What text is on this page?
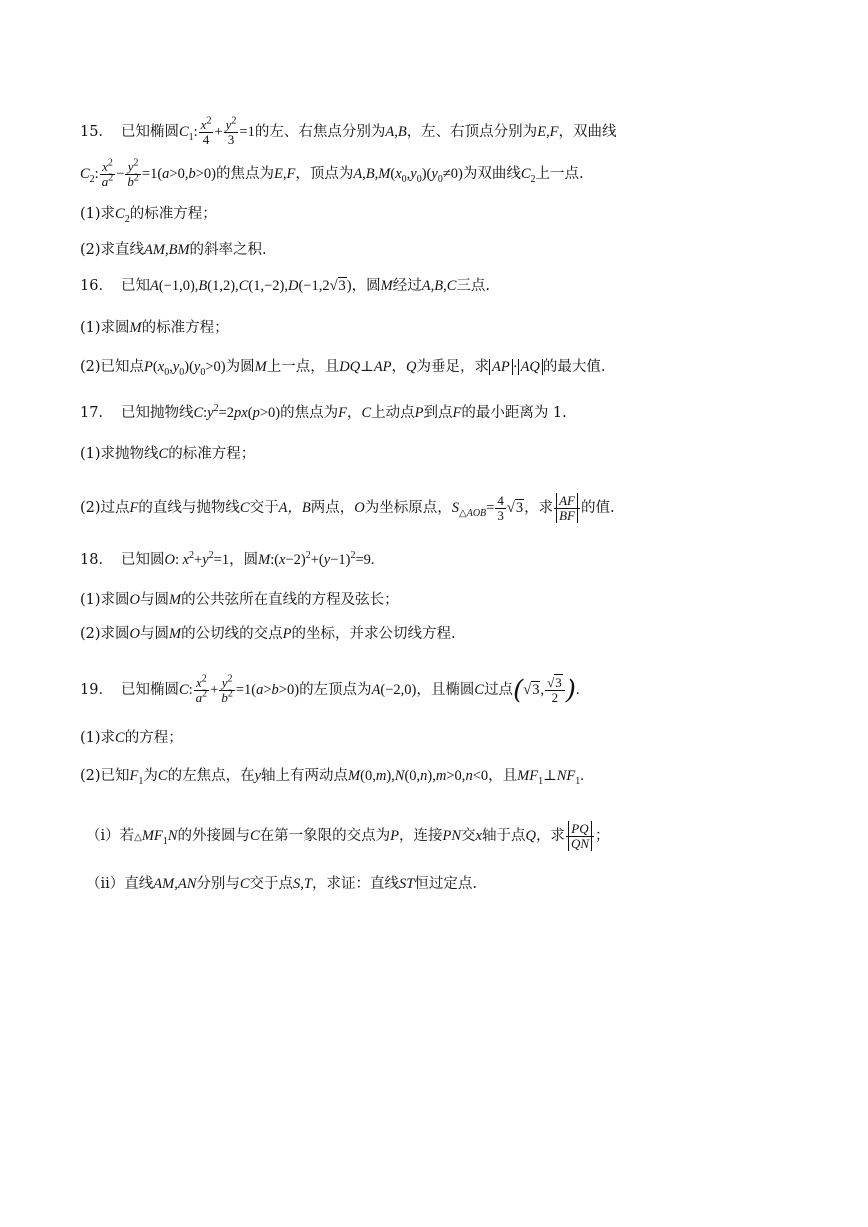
15． 已知椭圆$C_1$: $\frac{x^2}{4} + \frac{y^2}{3} =1$的左、右焦点分别为A,B，左、右顶点分别为E,F，双曲线
$C_2$: $\frac{x^2}{a^2} - \frac{y^2}{b^2} =1(a>0,b>0)$的焦点为E,F，顶点为$A,B,M(x_0,y_0)(y_0\ne 0)$为双曲线$C_2$上一点.
(1)求$C_2$的标准方程；
(2)求直线AM,BM的斜率之积.
16． 已知A(−1,0),B(1,2),C(1,−2),D(−1,2√3)，圆M经过A,B,C三点.
(1)求圆M的标准方程；
(2)已知点$P(x_0,y_0)(y_0>0)$为圆M上一点，且DQ⊥AP，Q为垂足，求 AP · AQ 的最大值.
17． 已知抛物线$C:y^2=2px(p>0)$的焦点为F，C上动点P到点F的最小距离为 1.
(1)求抛物线C的标准方程；
(2)过点F的直线与抛物线C交于A，B两点，O为坐标原点，$S_{\triangle AOB}= \frac{4}{3} √3$，求 $\frac{AF}{BF}$ 的值.
18． 已知圆O: $x^2+y^2=1$，圆$M:(x-2)^2+(y-1)^2=9$.
(1)求圆O与圆M的公共弦所在直线的方程及弦长；
(2)求圆O与圆M的公切线的交点P的坐标，并求公切线方程.
19． 已知椭圆C: $\frac{x^2}{a^2} + \frac{y^2}{b^2} =1(a>b>0)$的左顶点为A(−2,0)，且椭圆C过点(√3, $\frac{√3}{2}$ ).
(1)求C的方程；
(2)已知$F_1$为C的左焦点，在y轴上有两动点M(0,m),N(0,n),m>0,n<0，且$MF_1\perp NF_1$.
（i）若$\triangle MF_1N$的外接圆与C在第一象限的交点为P，连接PN交x轴于点Q，求 $\frac{PQ}{QN}$ ；
（ii）直线AM,AN分别与C交于点S,T，求证：直线ST恒过定点.
